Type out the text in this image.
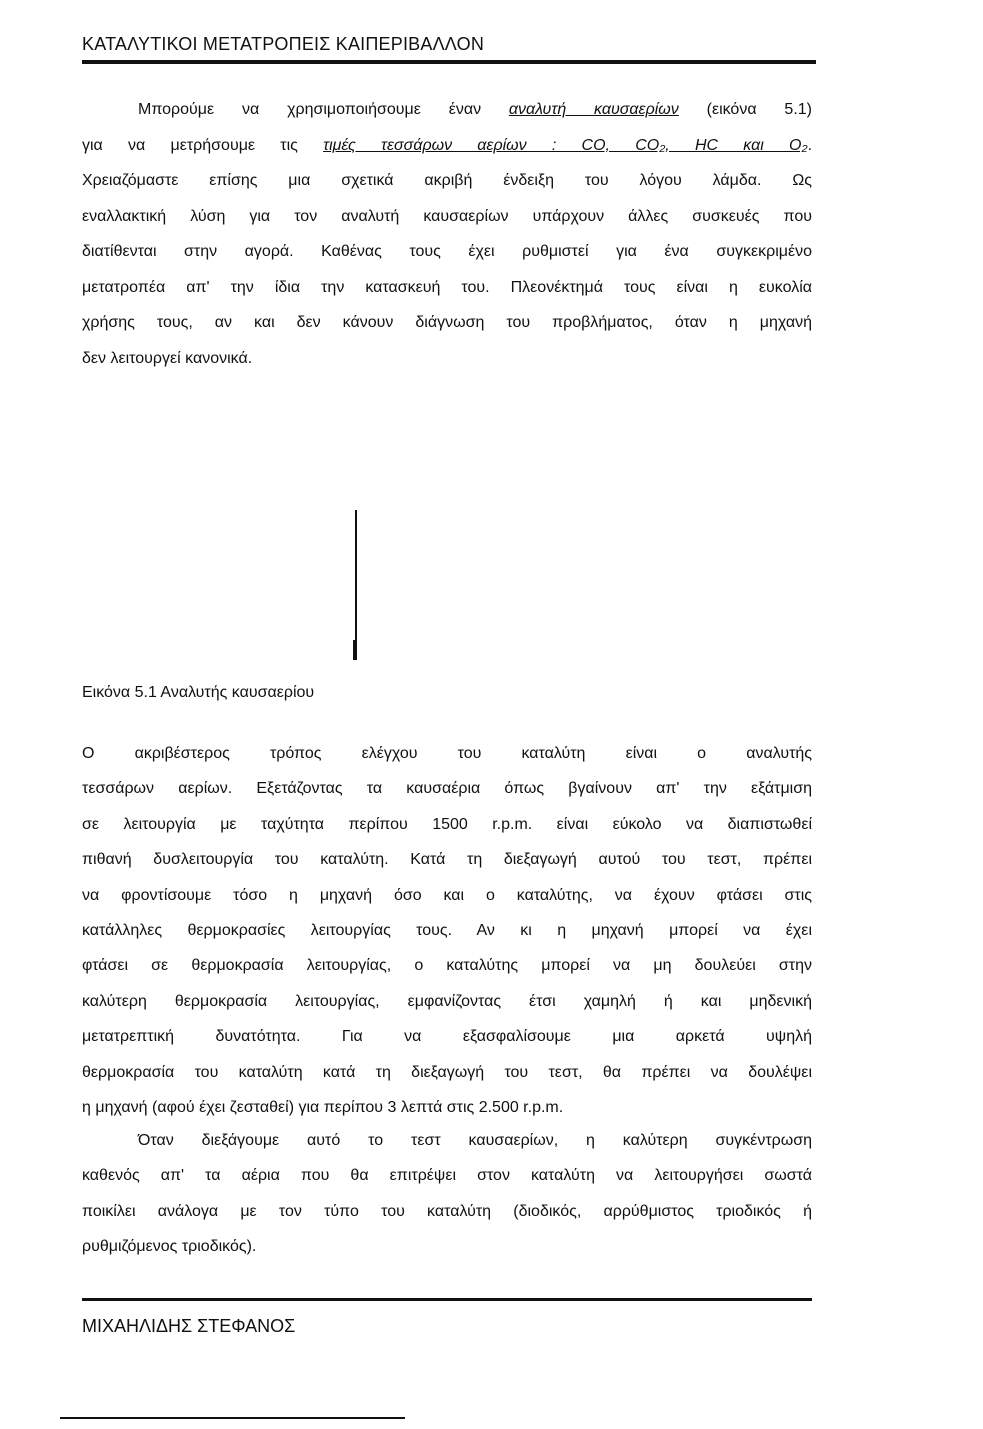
ΚΑΤΑΛΥΤΙΚΟΙ ΜΕΤΑΤΡΟΠΕΙΣ ΚΑΙΠΕΡΙΒΑΛΛΟΝ
Μπορούμε να χρησιμοποιήσουμε έναν αναλυτή καυσαερίων (εικόνα 5.1)
για να μετρήσουμε τις τιμές τεσσάρων αερίων : CO, CO₂, HC και O₂.
Χρειαζόμαστε επίσης μια σχετικά ακριβή ένδειξη του λόγου λάμδα. Ως
εναλλακτική λύση για τον αναλυτή καυσαερίων υπάρχουν άλλες συσκευές που
διατίθενται στην αγορά. Καθένας τους έχει ρυθμιστεί για ένα συγκεκριμένο
μετατροπέα απ' την ίδια την κατασκευή του. Πλεονέκτημά τους είναι η ευκολία
χρήσης τους, αν και δεν κάνουν διάγνωση του προβλήματος, όταν η μηχανή
δεν λειτουργεί κανονικά.
Εικόνα 5.1 Αναλυτής καυσαερίου
Ο ακριβέστερος τρόπος ελέγχου του καταλύτη είναι ο αναλυτής
τεσσάρων αερίων. Εξετάζοντας τα καυσαέρια όπως βγαίνουν απ' την εξάτμιση
σε λειτουργία με ταχύτητα περίπου 1500 r.p.m. είναι εύκολο να διαπιστωθεί
πιθανή δυσλειτουργία του καταλύτη. Κατά τη διεξαγωγή αυτού του τεστ, πρέπει
να φροντίσουμε τόσο η μηχανή όσο και ο καταλύτης, να έχουν φτάσει στις
κατάλληλες θερμοκρασίες λειτουργίας τους. Αν κι η μηχανή μπορεί να έχει
φτάσει σε θερμοκρασία λειτουργίας, ο καταλύτης μπορεί να μη δουλεύει στην
καλύτερη θερμοκρασία λειτουργίας, εμφανίζοντας έτσι χαμηλή ή και μηδενική
μετατρεπτική δυνατότητα. Για να εξασφαλίσουμε μια αρκετά υψηλή
θερμοκρασία του καταλύτη κατά τη διεξαγωγή του τεστ, θα πρέπει να δουλέψει
η μηχανή (αφού έχει ζεσταθεί) για περίπου 3 λεπτά στις 2.500 r.p.m.
Όταν διεξάγουμε αυτό το τεστ καυσαερίων, η καλύτερη συγκέντρωση
καθενός απ' τα αέρια που θα επιτρέψει στον καταλύτη να λειτουργήσει σωστά
ποικίλει ανάλογα με τον τύπο του καταλύτη (διοδικός, αρρύθμιστος τριοδικός ή
ρυθμιζόμενος τριοδικός).
ΜΙΧΑΗΛΙΔΗΣ ΣΤΕΦΑΝΟΣ
